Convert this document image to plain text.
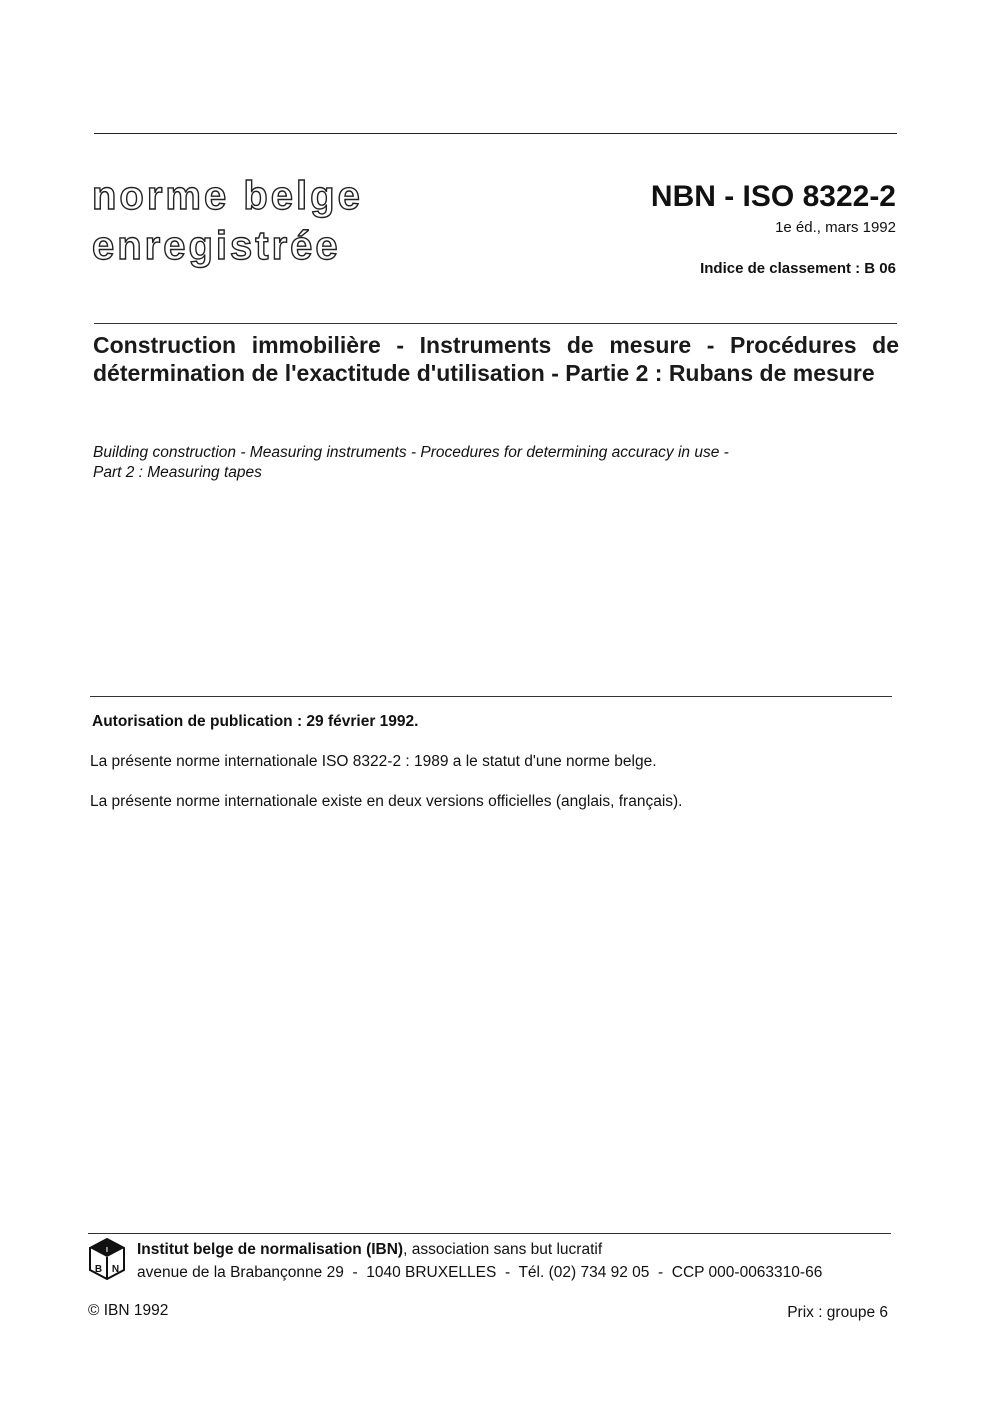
norme belge
enregistrée
NBN - ISO 8322-2
1e éd., mars 1992
Indice de classement : B 06
Construction immobilière - Instruments de mesure - Procédures de détermination de l'exactitude d'utilisation - Partie 2 : Rubans de mesure
Building construction - Measuring instruments - Procedures for determining accuracy in use -
Part 2 : Measuring tapes
Autorisation de publication : 29 février 1992.
La présente norme internationale ISO 8322-2 : 1989 a le statut d'une norme belge.
La présente norme internationale existe en deux versions officielles (anglais, français).
B N
I Institut belge de normalisation (IBN), association sans but lucratif
avenue de la Brabançonne 29  -  1040 BRUXELLES  -  Tél. (02) 734 92 05  -  CCP 000-0063310-66
© IBN 1992	Prix : groupe 6
